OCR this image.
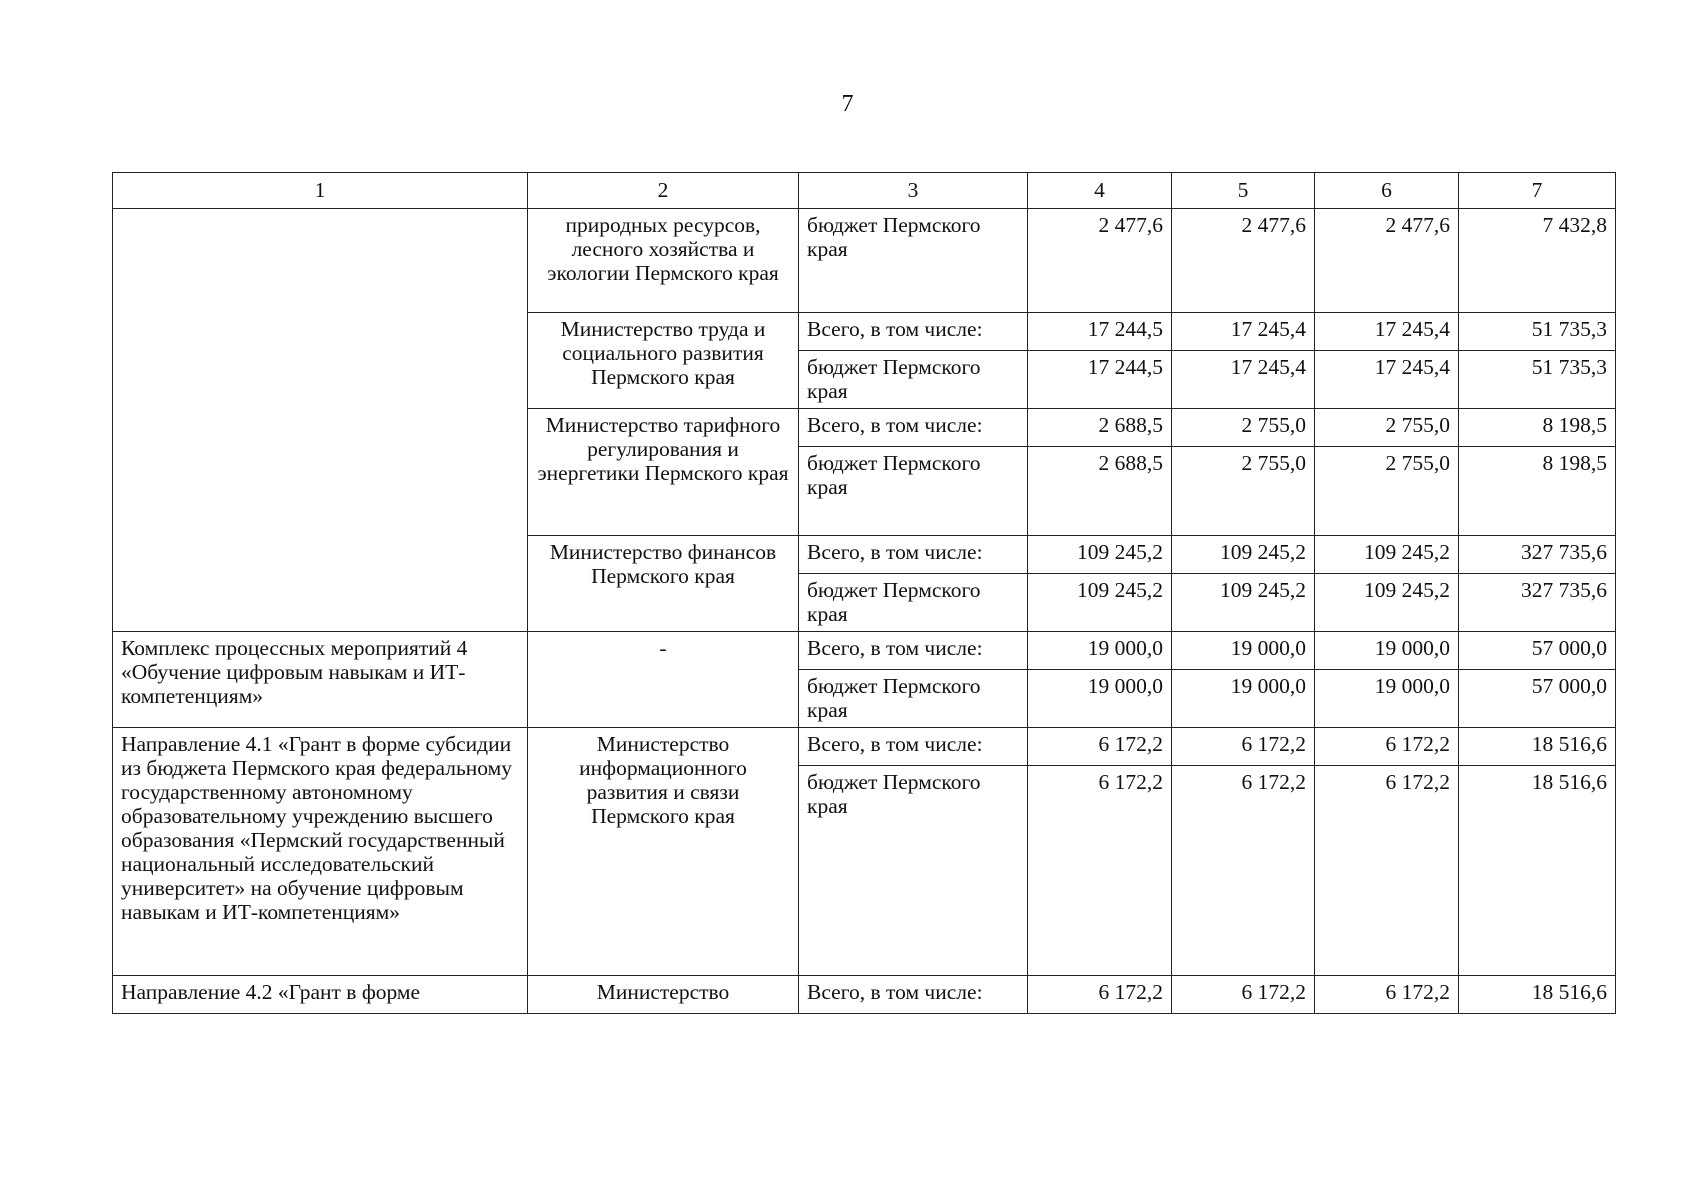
7
1	2	3	4	5	6	7
	природных ресурсов, лесного хозяйства и экологии Пермского края	бюджет Пермского края	2 477,6	2 477,6	2 477,6	7 432,8
	Министерство труда и социального развития Пермского края	Всего, в том числе:	17 244,5	17 245,4	17 245,4	51 735,3
		бюджет Пермского края	17 244,5	17 245,4	17 245,4	51 735,3
	Министерство тарифного регулирования и энергетики Пермского края	Всего, в том числе:	2 688,5	2 755,0	2 755,0	8 198,5
		бюджет Пермского края	2 688,5	2 755,0	2 755,0	8 198,5
	Министерство финансов Пермского края	Всего, в том числе:	109 245,2	109 245,2	109 245,2	327 735,6
		бюджет Пермского края	109 245,2	109 245,2	109 245,2	327 735,6
Комплекс процессных мероприятий 4 «Обучение цифровым навыкам и ИТ-компетенциям»	-	Всего, в том числе:	19 000,0	19 000,0	19 000,0	57 000,0
		бюджет Пермского края	19 000,0	19 000,0	19 000,0	57 000,0
Направление 4.1 «Грант в форме субсидии из бюджета Пермского края федеральному государственному автономному образовательному учреждению высшего образования «Пермский государственный национальный исследовательский университет» на обучение цифровым навыкам и ИТ-компетенциям»	Министерство информационного развития и связи Пермского края	Всего, в том числе:	6 172,2	6 172,2	6 172,2	18 516,6
		бюджет Пермского края	6 172,2	6 172,2	6 172,2	18 516,6
Направление 4.2 «Грант в форме	Министерство	Всего, в том числе:	6 172,2	6 172,2	6 172,2	18 516,6
